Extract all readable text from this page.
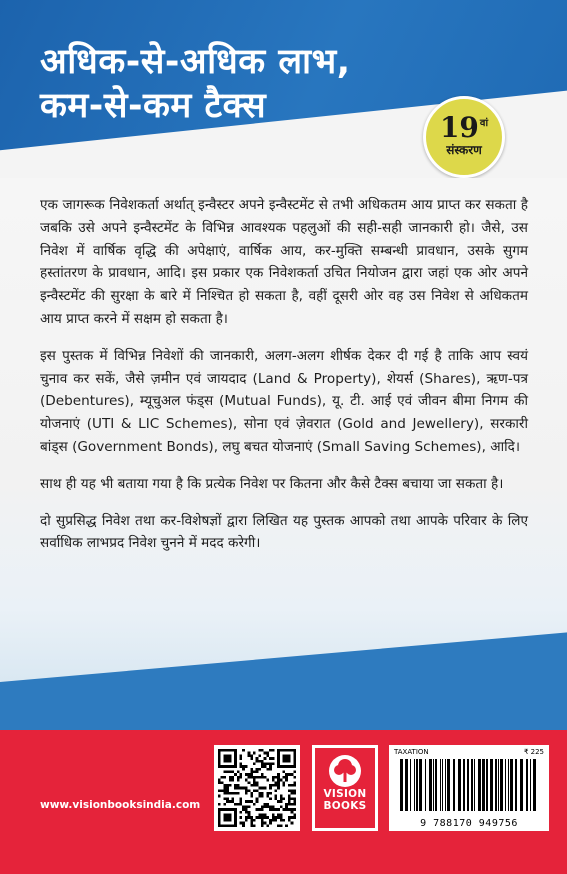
अधिक-से-अधिक लाभ,
कम-से-कम टैक्स
19 वां
संस्करण

एक जागरूक निवेशकर्ता अर्थात् इन्वैस्टर अपने इन्वैस्टमेंट से तभी अधिकतम आय प्राप्त कर सकता है जबकि उसे अपने इन्वैस्टमेंट के विभिन्न आवश्यक पहलुओं की सही-सही जानकारी हो। जैसे, उस निवेश में वार्षिक वृद्धि की अपेक्षाएं, वार्षिक आय, कर-मुक्ति सम्बन्धी प्रावधान, उसके सुगम हस्तांतरण के प्रावधान, आदि। इस प्रकार एक निवेशकर्ता उचित नियोजन द्वारा जहां एक ओर अपने इन्वैस्टमेंट की सुरक्षा के बारे में निश्चित हो सकता है, वहीं दूसरी ओर वह उस निवेश से अधिकतम आय प्राप्त करने में सक्षम हो सकता है।

इस पुस्तक में विभिन्न निवेशों की जानकारी, अलग-अलग शीर्षक देकर दी गई है ताकि आप स्वयं चुनाव कर सकें, जैसे ज़मीन एवं जायदाद (Land & Property), शेयर्स (Shares), ऋण-पत्र (Debentures), म्यूचुअल फंड्स (Mutual Funds), यू. टी. आई एवं जीवन बीमा निगम की योजनाएं (UTI & LIC Schemes), सोना एवं ज़ेवरात (Gold and Jewellery), सरकारी बांड्स (Government Bonds), लघु बचत योजनाएं (Small Saving Schemes), आदि।

साथ ही यह भी बताया गया है कि प्रत्येक निवेश पर कितना और कैसे टैक्स बचाया जा सकता है।

दो सुप्रसिद्ध निवेश तथा कर-विशेषज्ञों द्वारा लिखित यह पुस्तक आपको तथा आपके परिवार के लिए सर्वाधिक लाभप्रद निवेश चुनने में मदद करेगी।

www.visionbooksindia.com
VISION
BOOKS
TAXATION	₹ 225
9 788170 949756
